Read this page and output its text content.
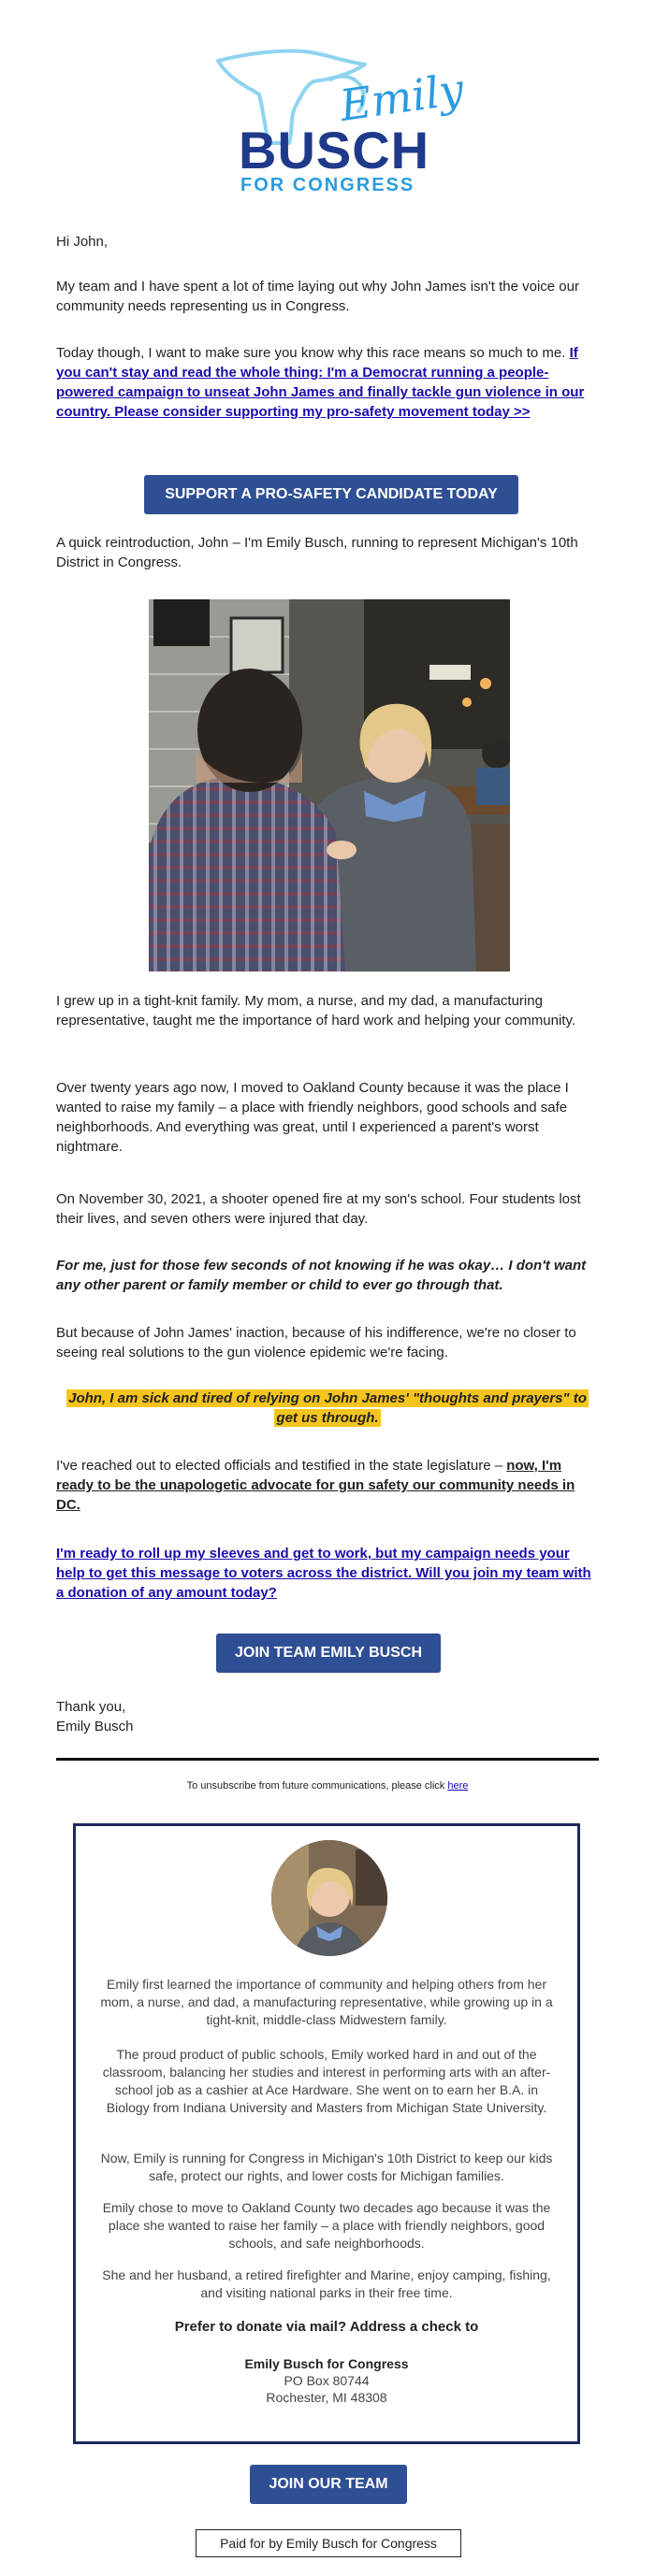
Emily
BUSCH
FOR CONGRESS

Hi John,

My team and I have spent a lot of time laying out why John James isn't the voice our community needs representing us in Congress.

Today though, I want to make sure you know why this race means so much to me. If you can't stay and read the whole thing: I'm a Democrat running a people-powered campaign to unseat John James and finally tackle gun violence in our country. Please consider supporting my pro-safety movement today >>

SUPPORT A PRO-SAFETY CANDIDATE TODAY

A quick reintroduction, John – I'm Emily Busch, running to represent Michigan's 10th District in Congress.

I grew up in a tight-knit family. My mom, a nurse, and my dad, a manufacturing representative, taught me the importance of hard work and helping your community.

Over twenty years ago now, I moved to Oakland County because it was the place I wanted to raise my family – a place with friendly neighbors, good schools and safe neighborhoods. And everything was great, until I experienced a parent's worst nightmare.

On November 30, 2021, a shooter opened fire at my son's school. Four students lost their lives, and seven others were injured that day.

For me, just for those few seconds of not knowing if he was okay… I don't want any other parent or family member or child to ever go through that.

But because of John James' inaction, because of his indifference, we're no closer to seeing real solutions to the gun violence epidemic we're facing.

John, I am sick and tired of relying on John James' "thoughts and prayers" to get us through.

I've reached out to elected officials and testified in the state legislature – now, I'm ready to be the unapologetic advocate for gun safety our community needs in DC.

I'm ready to roll up my sleeves and get to work, but my campaign needs your help to get this message to voters across the district. Will you join my team with a donation of any amount today?

JOIN TEAM EMILY BUSCH

Thank you,

Emily Busch

To unsubscribe from future communications, please click here

Emily first learned the importance of community and helping others from her mom, a nurse, and dad, a manufacturing representative, while growing up in a tight-knit, middle-class Midwestern family.

The proud product of public schools, Emily worked hard in and out of the classroom, balancing her studies and interest in performing arts with an after-school job as a cashier at Ace Hardware. She went on to earn her B.A. in Biology from Indiana University and Masters from Michigan State University.

Now, Emily is running for Congress in Michigan's 10th District to keep our kids safe, protect our rights, and lower costs for Michigan families.

Emily chose to move to Oakland County two decades ago because it was the place she wanted to raise her family – a place with friendly neighbors, good schools, and safe neighborhoods.

She and her husband, a retired firefighter and Marine, enjoy camping, fishing, and visiting national parks in their free time.

Prefer to donate via mail? Address a check to

Emily Busch for Congress

PO Box 80744

Rochester, MI 48308

JOIN OUR TEAM
Paid for by Emily Busch for Congress
